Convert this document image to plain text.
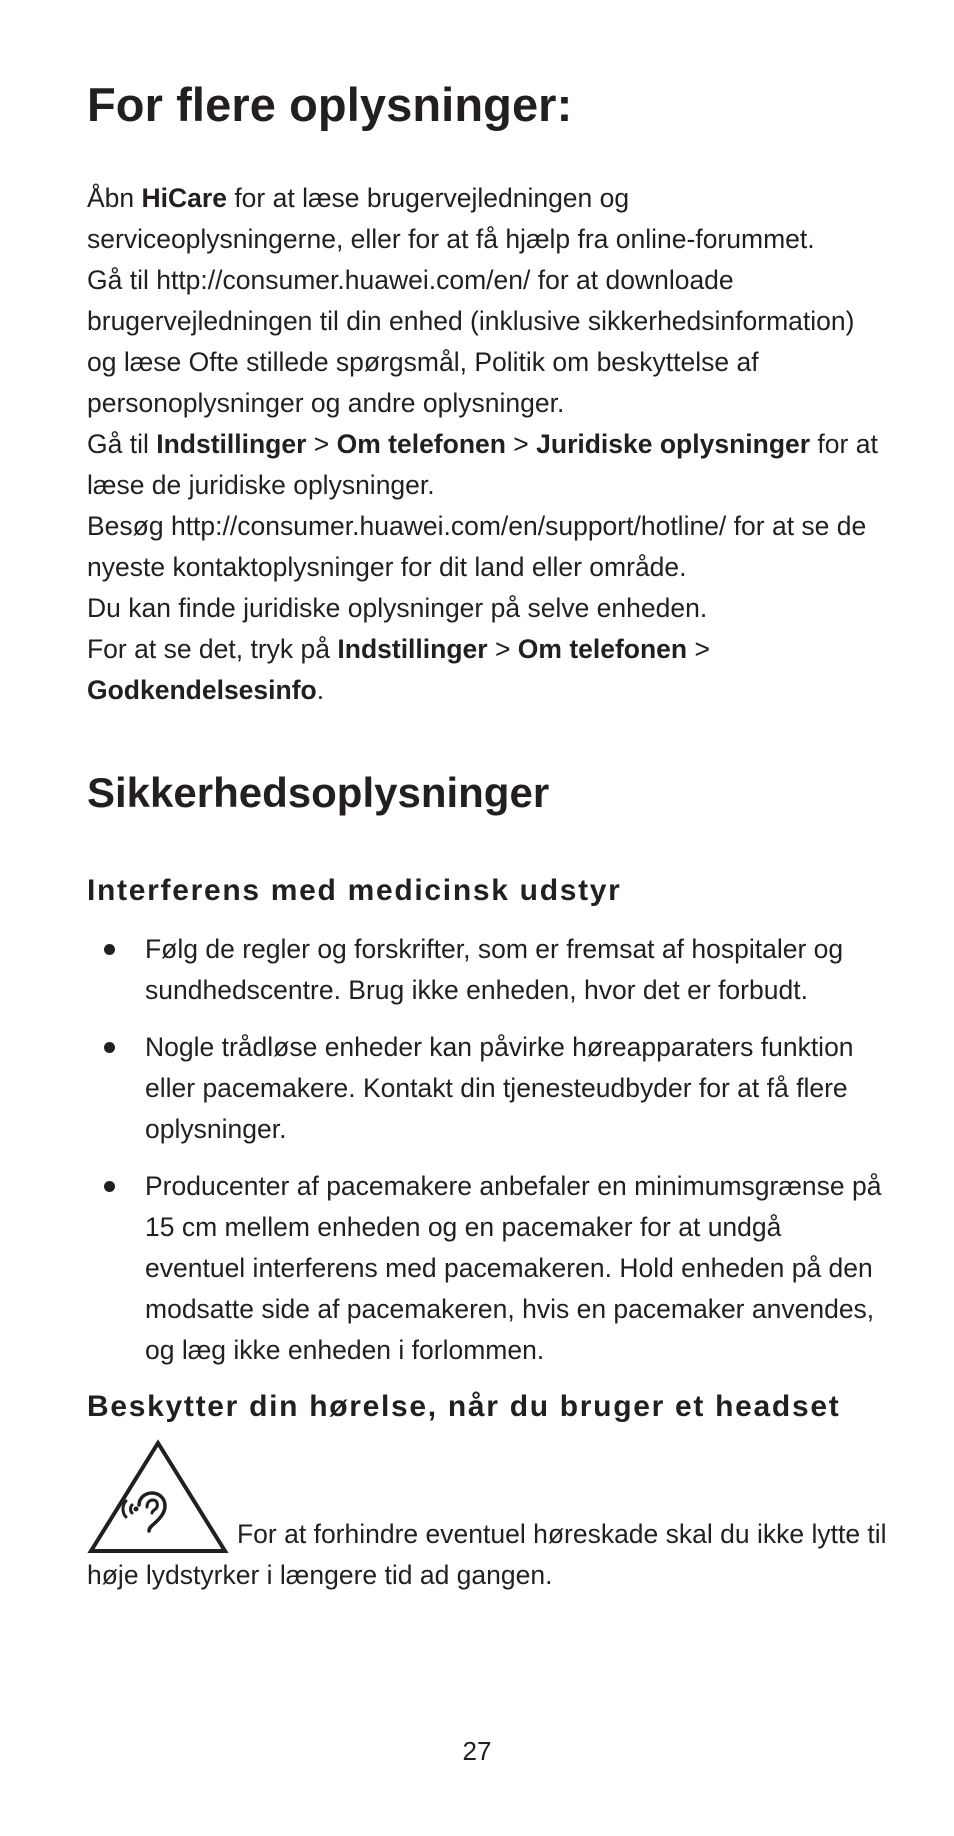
For flere oplysninger:

Åbn HiCare for at læse brugervejledningen og serviceoplysningerne, eller for at få hjælp fra online-forummet.

Gå til http://consumer.huawei.com/en/ for at downloade brugervejledningen til din enhed (inklusive sikkerhedsinformation) og læse Ofte stillede spørgsmål, Politik om beskyttelse af personoplysninger og andre oplysninger.

Gå til Indstillinger > Om telefonen > Juridiske oplysninger for at læse de juridiske oplysninger.

Besøg http://consumer.huawei.com/en/support/hotline/ for at se de nyeste kontaktoplysninger for dit land eller område.

Du kan finde juridiske oplysninger på selve enheden.

For at se det, tryk på Indstillinger > Om telefonen > Godkendelsesinfo.

Sikkerhedsoplysninger
Interferens med medicinsk udstyr
Følg de regler og forskrifter, som er fremsat af hospitaler og sundhedscentre. Brug ikke enheden, hvor det er forbudt.
Nogle trådløse enheder kan påvirke høreapparaters funktion eller pacemakere. Kontakt din tjenesteudbyder for at få flere oplysninger.
Producenter af pacemakere anbefaler en minimumsgrænse på 15 cm mellem enheden og en pacemaker for at undgå eventuel interferens med pacemakeren. Hold enheden på den modsatte side af pacemakeren, hvis en pacemaker anvendes, og læg ikke enheden i forlommen.
Beskytter din hørelse, når du bruger et headset
For at forhindre eventuel høreskade skal du ikke lytte til høje lydstyrker i længere tid ad gangen.
27
